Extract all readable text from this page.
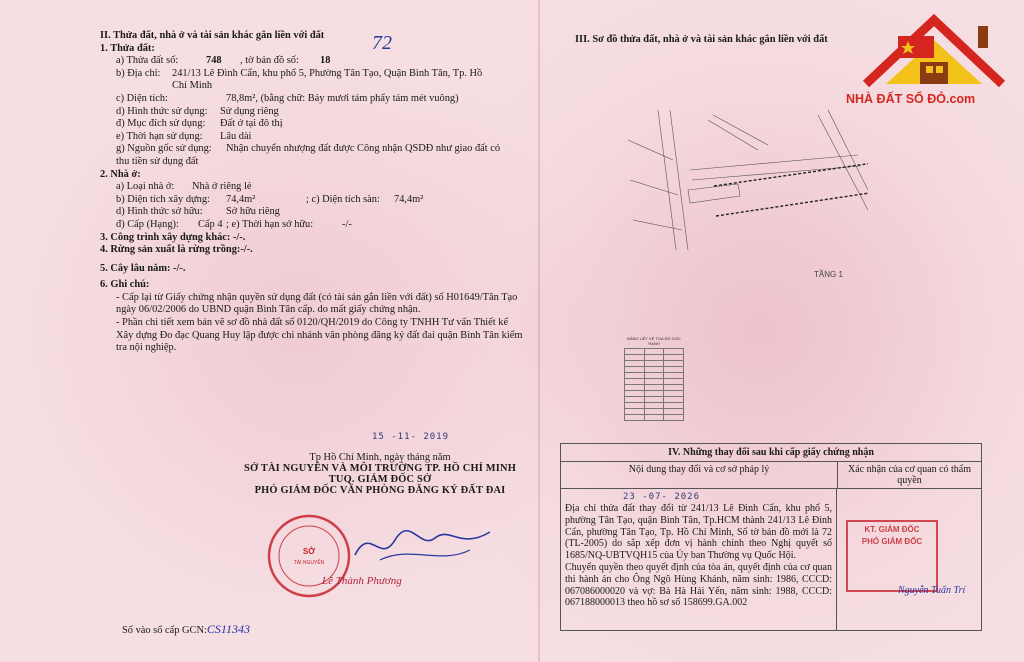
72
II. Thửa đất, nhà ở và tài sản khác gắn liền với đất
1. Thửa đất:
a) Thửa đất số:	748 , tờ bản đồ số: 18
b) Địa chỉ: 241/13 Lê Đình Cẩn, khu phố 5, Phường Tân Tạo, Quận Bình Tân, Tp. Hồ
Chí Minh
c) Diện tích:	78,8m², (bằng chữ: Bảy mươi tám phẩy tám mét vuông)
d) Hình thức sử dụng: Sử dụng riêng
đ) Mục đích sử dụng: Đất ở tại đô thị
e) Thời hạn sử dụng: Lâu dài
g) Nguồn gốc sử dụng: Nhận chuyển nhượng đất được Công nhận QSDĐ như giao đất có
thu tiền sử dụng đất
2. Nhà ở:
a) Loại nhà ở: Nhà ở riêng lẻ
b) Diện tích xây dựng: 74,4m²	; c) Diện tích sàn: 74,4m²
d) Hình thức sở hữu: Sở hữu riêng
đ) Cấp (Hạng): Cấp 4 ; e) Thời hạn sở hữu:	-/-
3. Công trình xây dựng khác: -/-.
4. Rừng sản xuất là rừng trồng:-/-.
5. Cây lâu năm: -/-.
6. Ghi chú:

- Cấp lại từ Giấy chứng nhận quyền sử dụng đất (có tài sản gắn liền với đất) số H01649/Tân Tạo ngày 06/02/2006 do UBND quận Bình Tân cấp. do mất giấy chứng nhận.

- Phần chi tiết xem bản vẽ sơ đồ nhà đất số 0120/QH/2019 do Công ty TNHH Tư vấn Thiết kế Xây dựng Đo đạc Quang Huy lập được chi nhánh văn phòng đăng ký đất đai quận Bình Tân kiểm tra nội nghiệp.

15 -11- 2019
Tp Hồ Chí Minh, ngày tháng năm
SỞ TÀI NGUYÊN VÀ MÔI TRƯỜNG TP. HỒ CHÍ MINH
TUQ. GIÁM ĐỐC SỞ
PHÓ GIÁM ĐỐC VĂN PHÒNG ĐĂNG KÝ ĐẤT ĐAI
SỞ
TÀI NGUYÊN
Lê Thành Phương
Số vào sổ cấp GCN:CS11343
III. Sơ đồ thửa đất, nhà ở và tài sản khác gắn liền với đất
TẦNG 1
BẢNG LIỆT KÊ TỌA ĐỘ GÓC RANH

NHÀ ĐẤT SỔ ĐỎ.com
IV. Những thay đổi sau khi cấp giấy chứng nhận
Nội dung thay đổi và cơ sở pháp lý	Xác nhận của cơ quan có thẩm quyền
23 -07- 2026

Địa chỉ thửa đất thay đổi từ 241/13 Lê Đình Cẩn, khu phố 5, phường Tân Tạo, quận Bình Tân, Tp.HCM thành 241/13 Lê Đình Cẩn, phường Tân Tạo, Tp. Hồ Chí Minh, Số tờ bản đồ mới là 72 (TL-2005) do sắp xếp đơn vị hành chính theo Nghị quyết số 1685/NQ-UBTVQH15 của Ủy ban Thường vụ Quốc Hội.

Chuyển quyền theo quyết định của tòa án, quyết định của cơ quan thi hành án cho Ông Ngô Hùng Khánh, năm sinh: 1986, CCCD: 067086000020 và vợ: Bà Hà Hải Yến, năm sinh: 1988, CCCD: 067188000013 theo hồ sơ số 158699.GA.002

KT. GIÁM ĐỐC
PHÓ GIÁM ĐỐC
Nguyễn Tuấn Trí
